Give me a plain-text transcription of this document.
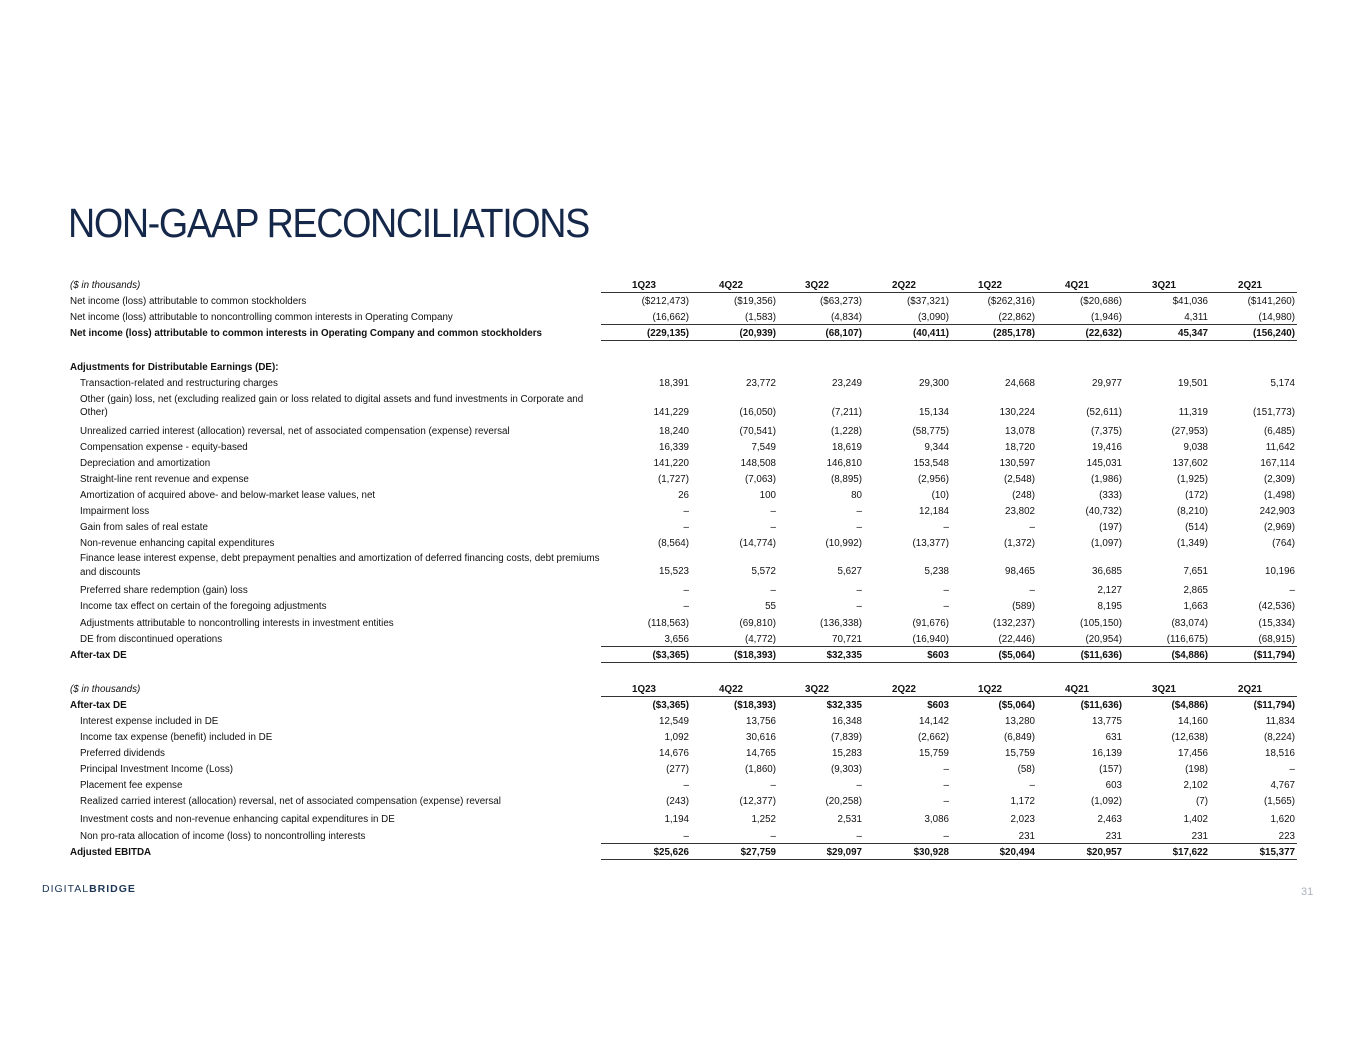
NON-GAAP RECONCILIATIONS
($ in thousands)	1Q23	4Q22	3Q22	2Q22	1Q22	4Q21	3Q21	2Q21
Net income (loss) attributable to common stockholders	($212,473)	($19,356)	($63,273)	($37,321)	($262,316)	($20,686)	$41,036	($141,260)
Net income (loss) attributable to noncontrolling common interests in Operating Company	(16,662)	(1,583)	(4,834)	(3,090)	(22,862)	(1,946)	4,311	(14,980)
Net income (loss) attributable to common interests in Operating Company and common stockholders	(229,135)	(20,939)	(68,107)	(40,411)	(285,178)	(22,632)	45,347	(156,240)
Adjustments for Distributable Earnings (DE):
Transaction-related and restructuring charges	18,391	23,772	23,249	29,300	24,668	29,977	19,501	5,174
Other (gain) loss, net (excluding realized gain or loss related to digital assets and fund investments in Corporate and Other)	141,229	(16,050)	(7,211)	15,134	130,224	(52,611)	11,319	(151,773)
Unrealized carried interest (allocation) reversal, net of associated compensation (expense) reversal	18,240	(70,541)	(1,228)	(58,775)	13,078	(7,375)	(27,953)	(6,485)
Compensation expense - equity-based	16,339	7,549	18,619	9,344	18,720	19,416	9,038	11,642
Depreciation and amortization	141,220	148,508	146,810	153,548	130,597	145,031	137,602	167,114
Straight-line rent revenue and expense	(1,727)	(7,063)	(8,895)	(2,956)	(2,548)	(1,986)	(1,925)	(2,309)
Amortization of acquired above- and below-market lease values, net	26	100	80	(10)	(248)	(333)	(172)	(1,498)
Impairment loss	–	–	–	12,184	23,802	(40,732)	(8,210)	242,903
Gain from sales of real estate	–	–	–	–	–	(197)	(514)	(2,969)
Non-revenue enhancing capital expenditures	(8,564)	(14,774)	(10,992)	(13,377)	(1,372)	(1,097)	(1,349)	(764)
Finance lease interest expense, debt prepayment penalties and amortization of deferred financing costs, debt premiums and discounts	15,523	5,572	5,627	5,238	98,465	36,685	7,651	10,196
Preferred share redemption (gain) loss	–	–	–	–	–	2,127	2,865	–
Income tax effect on certain of the foregoing adjustments	–	55	–	–	(589)	8,195	1,663	(42,536)
Adjustments attributable to noncontrolling interests in investment entities	(118,563)	(69,810)	(136,338)	(91,676)	(132,237)	(105,150)	(83,074)	(15,334)
DE from discontinued operations	3,656	(4,772)	70,721	(16,940)	(22,446)	(20,954)	(116,675)	(68,915)
After-tax DE	($3,365)	($18,393)	$32,335	$603	($5,064)	($11,636)	($4,886)	($11,794)
($ in thousands)	1Q23	4Q22	3Q22	2Q22	1Q22	4Q21	3Q21	2Q21
After-tax DE	($3,365)	($18,393)	$32,335	$603	($5,064)	($11,636)	($4,886)	($11,794)
Interest expense included in DE	12,549	13,756	16,348	14,142	13,280	13,775	14,160	11,834
Income tax expense (benefit) included in DE	1,092	30,616	(7,839)	(2,662)	(6,849)	631	(12,638)	(8,224)
Preferred dividends	14,676	14,765	15,283	15,759	15,759	16,139	17,456	18,516
Principal Investment Income (Loss)	(277)	(1,860)	(9,303)	–	(58)	(157)	(198)	–
Placement fee expense	–	–	–	–	–	603	2,102	4,767
Realized carried interest (allocation) reversal, net of associated compensation (expense) reversal	(243)	(12,377)	(20,258)	–	1,172	(1,092)	(7)	(1,565)
Investment costs and non-revenue enhancing capital expenditures in DE	1,194	1,252	2,531	3,086	2,023	2,463	1,402	1,620
Non pro-rata allocation of income (loss) to noncontrolling interests	–	–	–	–	231	231	231	223
Adjusted EBITDA	$25,626	$27,759	$29,097	$30,928	$20,494	$20,957	$17,622	$15,377
DIGITALBRIDGE	31
